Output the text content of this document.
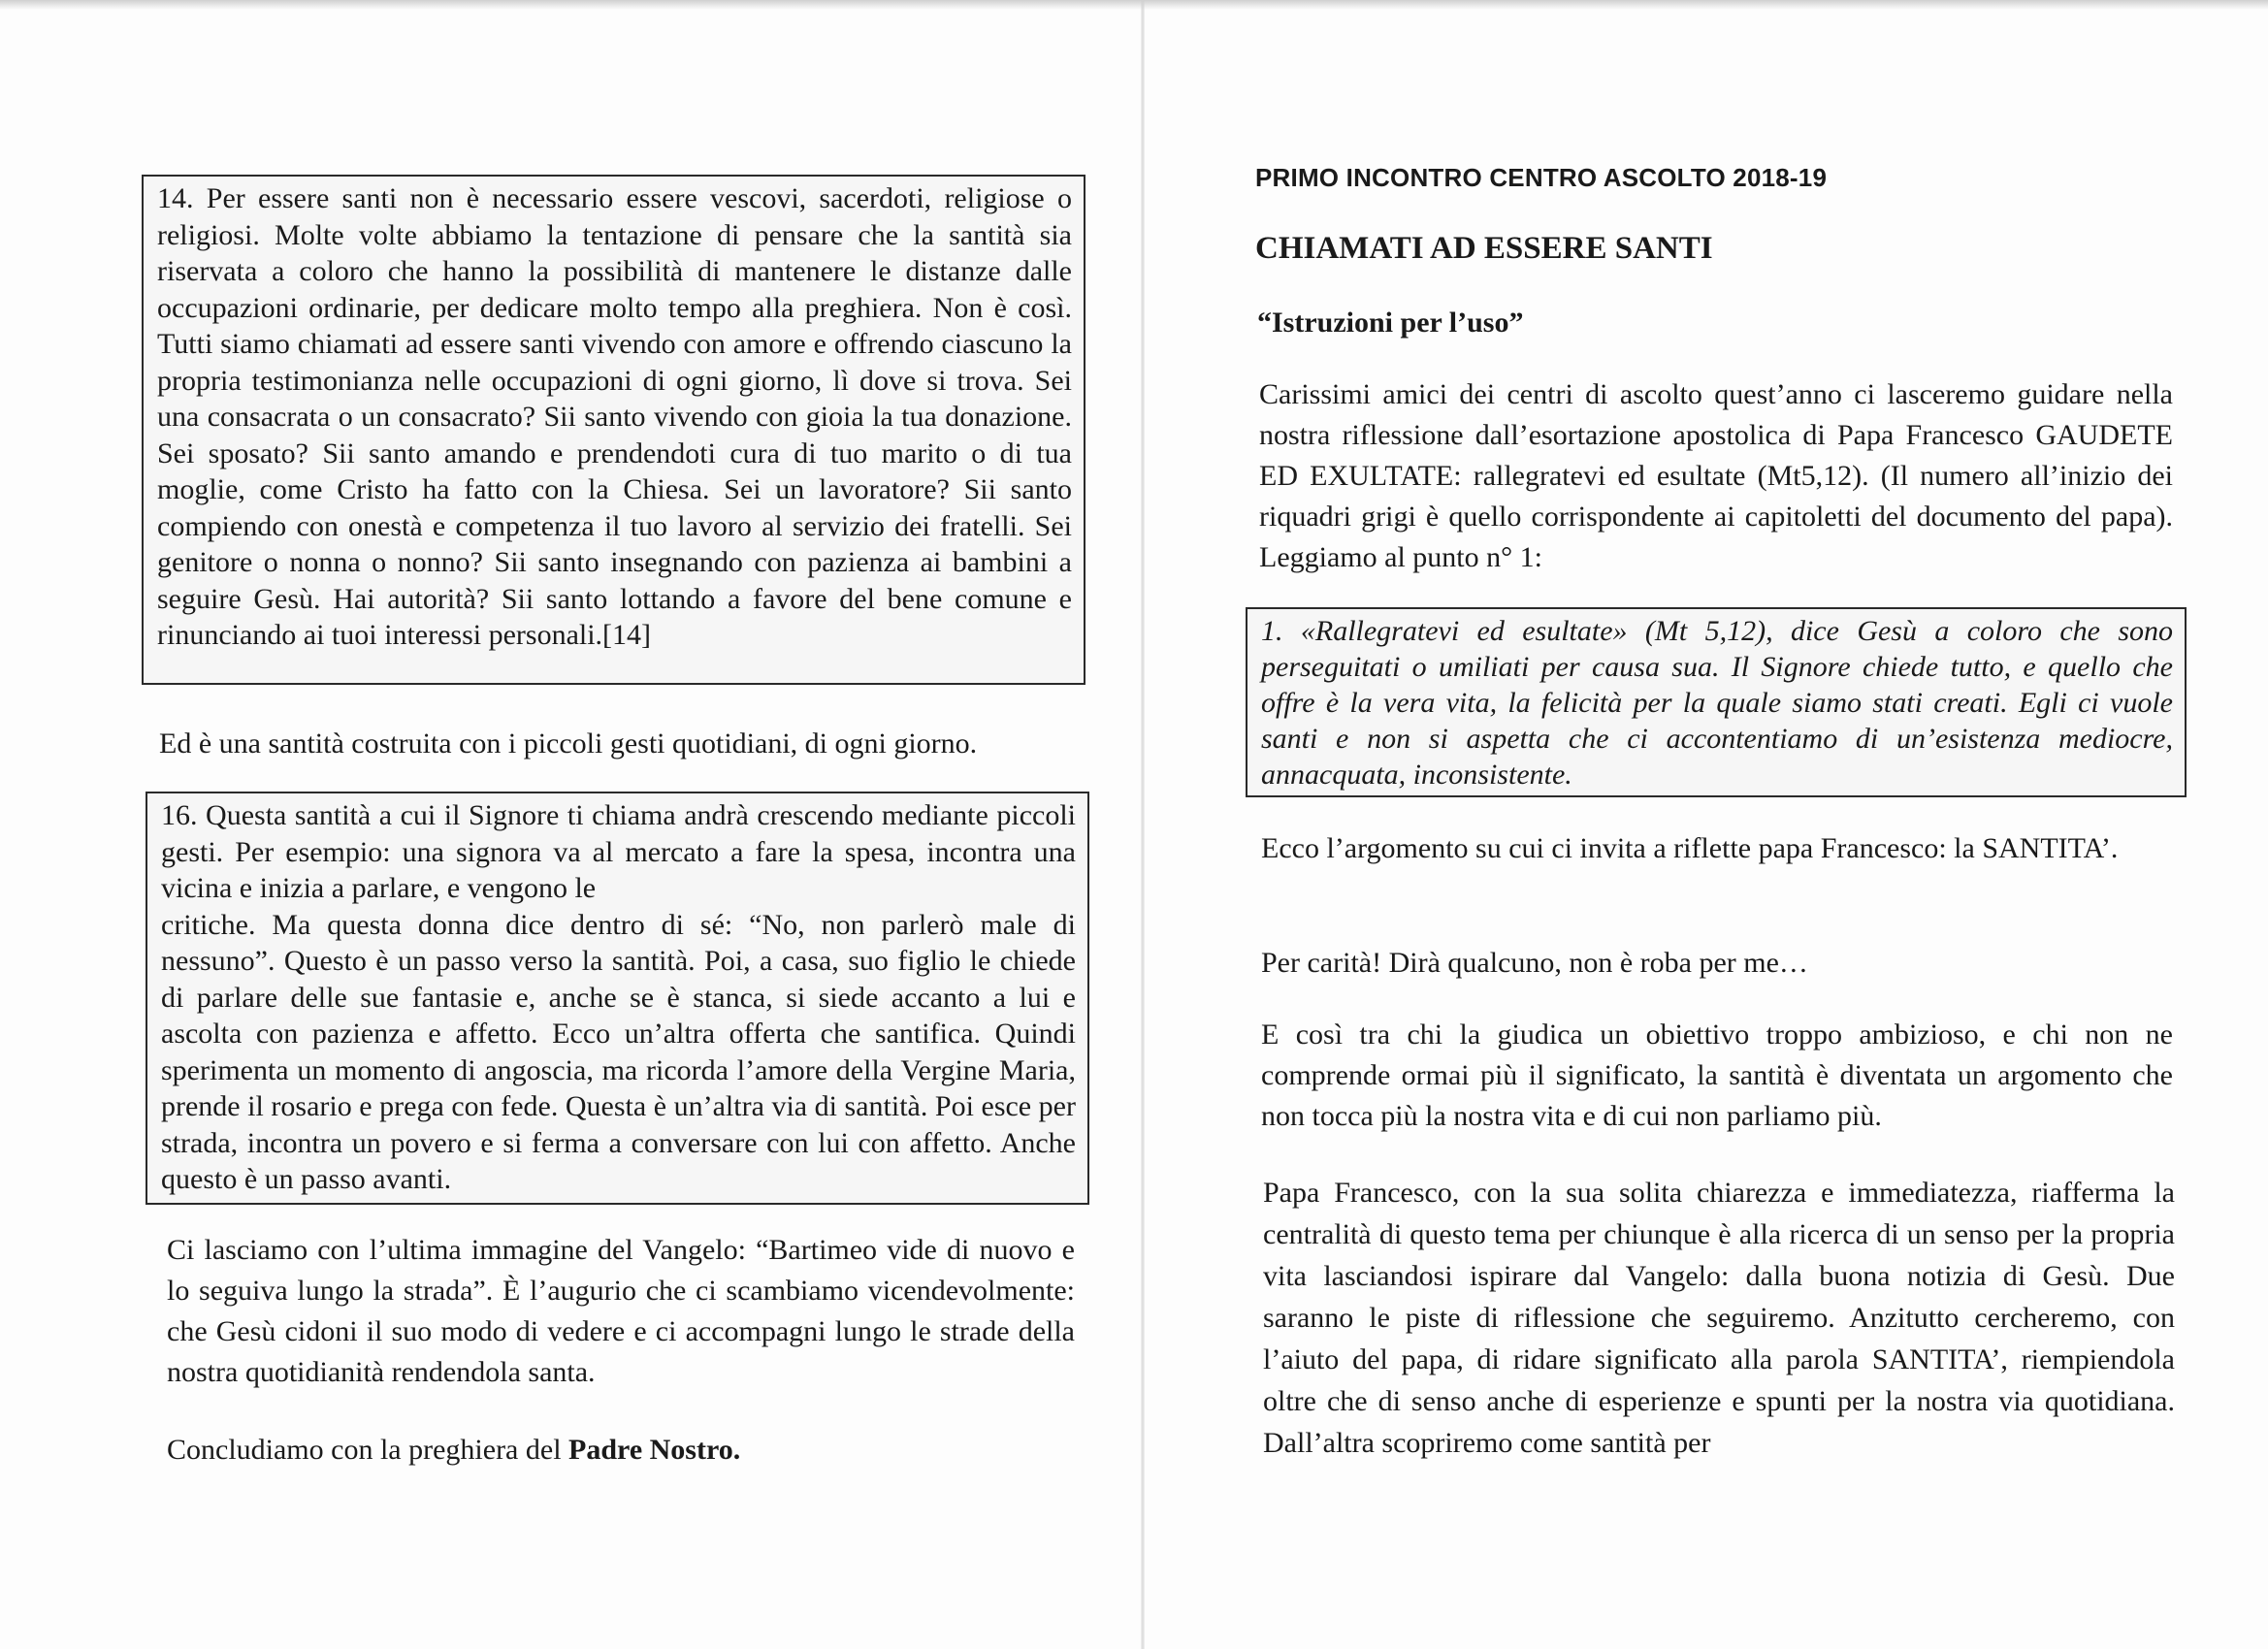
14. Per essere santi non è necessario essere vescovi, sacerdoti, religiose o religiosi. Molte volte abbiamo la tentazione di pensare che la santità sia riservata a coloro che hanno la possibilità di mantenere le distanze dalle occupazioni ordinarie, per dedicare molto tempo alla preghiera. Non è così. Tutti siamo chiamati ad essere santi vivendo con amore e offrendo ciascuno la propria testimonianza nelle occupazioni di ogni giorno, lì dove si trova. Sei una consacrata o un consacrato? Sii santo vivendo con gioia la tua donazione. Sei sposato? Sii santo amando e prendendoti cura di tuo marito o di tua moglie, come Cristo ha fatto con la Chiesa. Sei un lavoratore? Sii santo compiendo con onestà e competenza il tuo lavoro al servizio dei fratelli. Sei genitore o nonna o nonno? Sii santo insegnando con pazienza ai bambini a seguire Gesù. Hai autorità? Sii santo lottando a favore del bene comune e rinunciando ai tuoi interessi personali.[14]

Ed è una santità costruita con i piccoli gesti quotidiani, di ogni giorno.

16. Questa santità a cui il Signore ti chiama andrà crescendo mediante piccoli gesti. Per esempio: una signora va al mercato a fare la spesa, incontra una vicina e inizia a parlare, e vengono le

critiche. Ma questa donna dice dentro di sé: “No, non parlerò male di nessuno”. Questo è un passo verso la santità. Poi, a casa, suo figlio le chiede di parlare delle sue fantasie e, anche se è stanca, si siede accanto a lui e ascolta con pazienza e affetto. Ecco un’altra offerta che santifica. Quindi sperimenta un momento di angoscia, ma ricorda l’amore della Vergine Maria, prende il rosario e prega con fede. Questa è un’altra via di santità. Poi esce per strada, incontra un povero e si ferma a conversare con lui con affetto. Anche questo è un passo avanti.

Ci lasciamo con l’ultima immagine del Vangelo: “Bartimeo vide di nuovo e lo seguiva lungo la strada”. È l’augurio che ci scambiamo vicendevolmente: che Gesù cidoni il suo modo di vedere e ci accompagni lungo le strade della nostra quotidianità rendendola santa.

Concludiamo con la preghiera del Padre Nostro.

PRIMO INCONTRO CENTRO ASCOLTO 2018-19
CHIAMATI AD ESSERE SANTI
“Istruzioni per l’uso”

Carissimi amici dei centri di ascolto quest’anno ci lasceremo guidare nella nostra riflessione dall’esortazione apostolica di Papa Francesco GAUDETE ED EXULTATE: rallegratevi ed esultate (Mt5,12). (Il numero all’inizio dei riquadri grigi è quello corrispondente ai capitoletti del documento del papa). Leggiamo al punto n° 1:

1. «Rallegratevi ed esultate» (Mt 5,12), dice Gesù a coloro che sono perseguitati o umiliati per causa sua. Il Signore chiede tutto, e quello che offre è la vera vita, la felicità per la quale siamo stati creati. Egli ci vuole santi e non si aspetta che ci accontentiamo di un’esistenza mediocre, annacquata, inconsistente.

Ecco l’argomento su cui ci invita a riflette papa Francesco: la SANTITA’.

Per carità! Dirà qualcuno, non è roba per me…

E così tra chi la giudica un obiettivo troppo ambizioso, e chi non ne comprende ormai più il significato, la santità è diventata un argomento che non tocca più la nostra vita e di cui non parliamo più.

Papa Francesco, con la sua solita chiarezza e immediatezza, riafferma la centralità di questo tema per chiunque è alla ricerca di un senso per la propria vita lasciandosi ispirare dal Vangelo: dalla buona notizia di Gesù. Due saranno le piste di riflessione che seguiremo. Anzitutto cercheremo, con l’aiuto del papa, di ridare significato alla parola SANTITA’, riempiendola oltre che di senso anche di esperienze e spunti per la nostra via quotidiana. Dall’altra scopriremo come santità per
